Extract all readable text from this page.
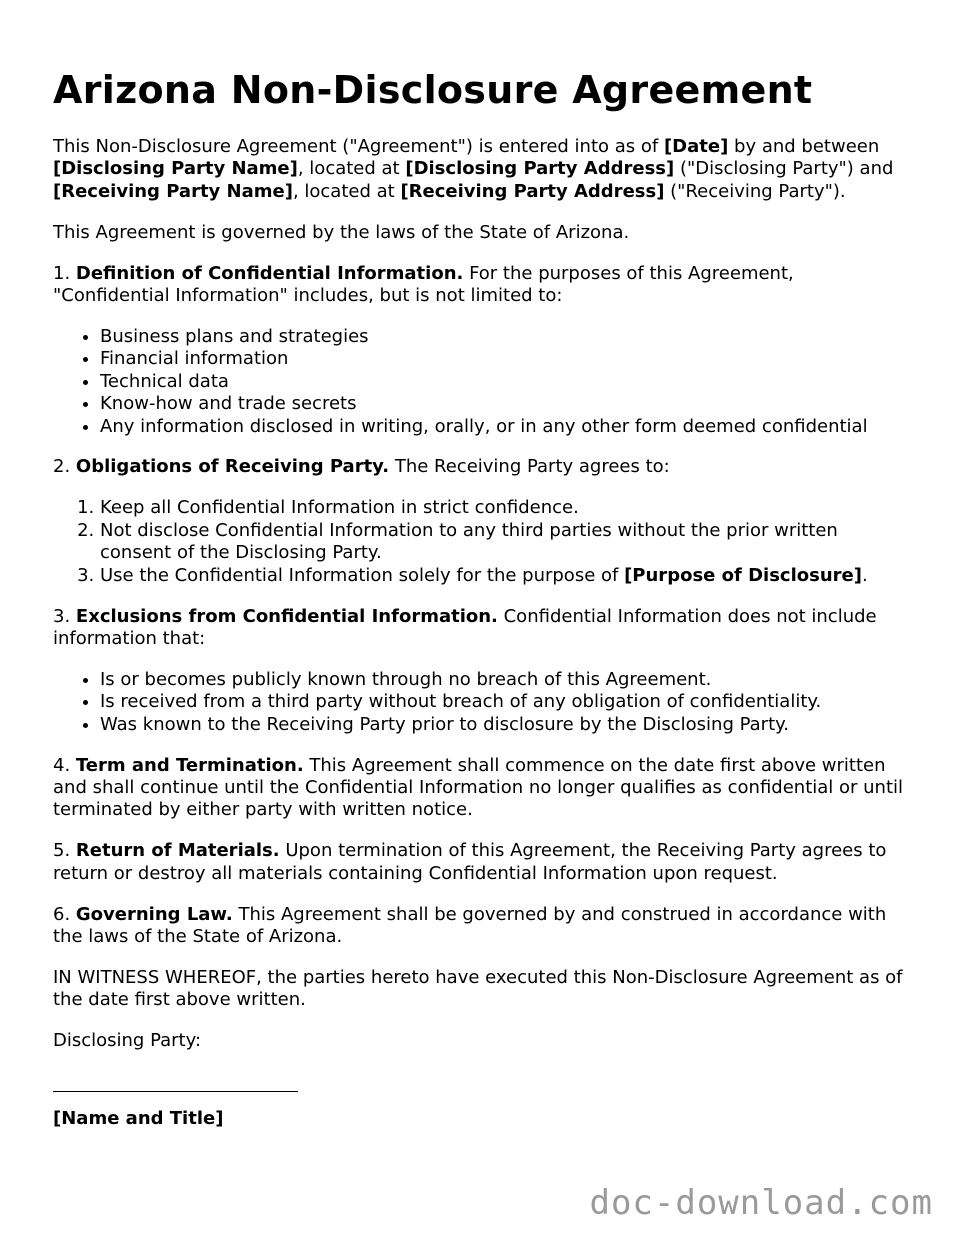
Arizona Non-Disclosure Agreement

This Non-Disclosure Agreement ("Agreement") is entered into as of [Date] by and between [Disclosing Party Name], located at [Disclosing Party Address] ("Disclosing Party") and [Receiving Party Name], located at [Receiving Party Address] ("Receiving Party").

This Agreement is governed by the laws of the State of Arizona.

1. Definition of Confidential Information. For the purposes of this Agreement, "Confidential Information" includes, but is not limited to:

• Business plans and strategies
• Financial information
• Technical data
• Know-how and trade secrets
• Any information disclosed in writing, orally, or in any other form deemed confidential

2. Obligations of Receiving Party. The Receiving Party agrees to:

1. Keep all Confidential Information in strict confidence.
2. Not disclose Confidential Information to any third parties without the prior written consent of the Disclosing Party.
3. Use the Confidential Information solely for the purpose of [Purpose of Disclosure].

3. Exclusions from Confidential Information. Confidential Information does not include information that:

• Is or becomes publicly known through no breach of this Agreement.
• Is received from a third party without breach of any obligation of confidentiality.
• Was known to the Receiving Party prior to disclosure by the Disclosing Party.

4. Term and Termination. This Agreement shall commence on the date first above written and shall continue until the Confidential Information no longer qualifies as confidential or until terminated by either party with written notice.

5. Return of Materials. Upon termination of this Agreement, the Receiving Party agrees to return or destroy all materials containing Confidential Information upon request.

6. Governing Law. This Agreement shall be governed by and construed in accordance with the laws of the State of Arizona.

IN WITNESS WHEREOF, the parties hereto have executed this Non-Disclosure Agreement as of the date first above written.

Disclosing Party:

[Name and Title]

doc-download.com
